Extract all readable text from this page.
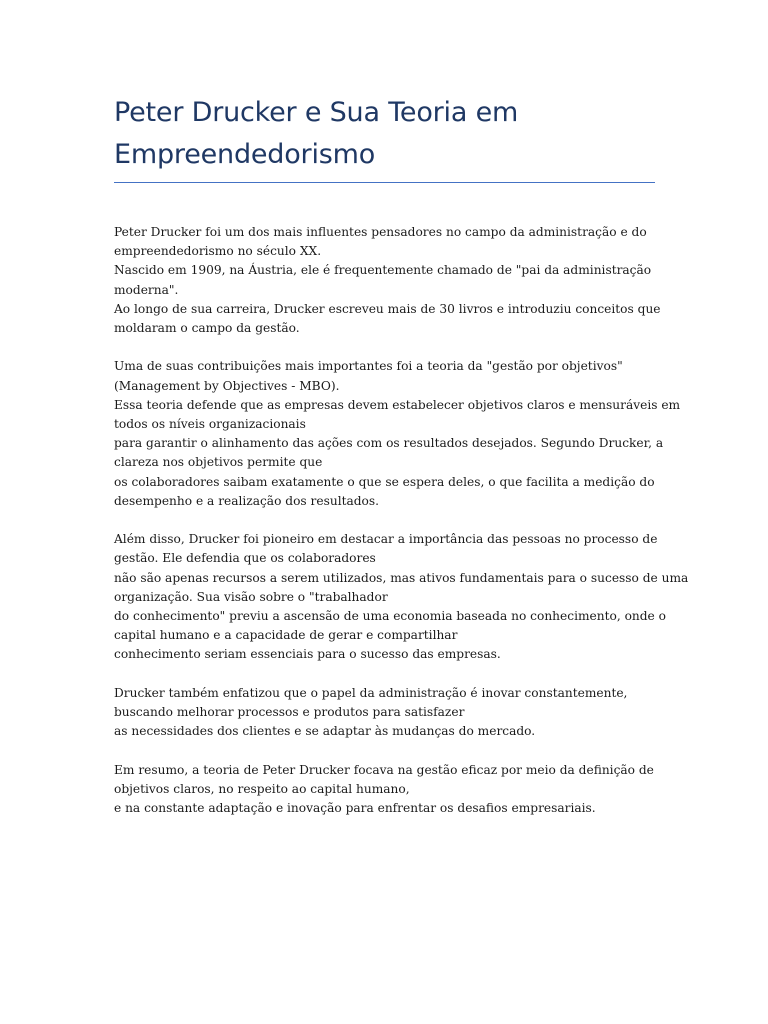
Peter Drucker e Sua Teoria em
Empreendedorismo
Peter Drucker foi um dos mais influentes pensadores no campo da administração e do
empreendedorismo no século XX.
Nascido em 1909, na Áustria, ele é frequentemente chamado de "pai da administração
moderna".
Ao longo de sua carreira, Drucker escreveu mais de 30 livros e introduziu conceitos que
moldaram o campo da gestão.
Uma de suas contribuições mais importantes foi a teoria da "gestão por objetivos"
(Management by Objectives - MBO).
Essa teoria defende que as empresas devem estabelecer objetivos claros e mensuráveis em
todos os níveis organizacionais
para garantir o alinhamento das ações com os resultados desejados. Segundo Drucker, a
clareza nos objetivos permite que
os colaboradores saibam exatamente o que se espera deles, o que facilita a medição do
desempenho e a realização dos resultados.
Além disso, Drucker foi pioneiro em destacar a importância das pessoas no processo de
gestão. Ele defendia que os colaboradores
não são apenas recursos a serem utilizados, mas ativos fundamentais para o sucesso de uma
organização. Sua visão sobre o "trabalhador
do conhecimento" previu a ascensão de uma economia baseada no conhecimento, onde o
capital humano e a capacidade de gerar e compartilhar
conhecimento seriam essenciais para o sucesso das empresas.
Drucker também enfatizou que o papel da administração é inovar constantemente,
buscando melhorar processos e produtos para satisfazer
as necessidades dos clientes e se adaptar às mudanças do mercado.
Em resumo, a teoria de Peter Drucker focava na gestão eficaz por meio da definição de
objetivos claros, no respeito ao capital humano,
e na constante adaptação e inovação para enfrentar os desafios empresariais.
